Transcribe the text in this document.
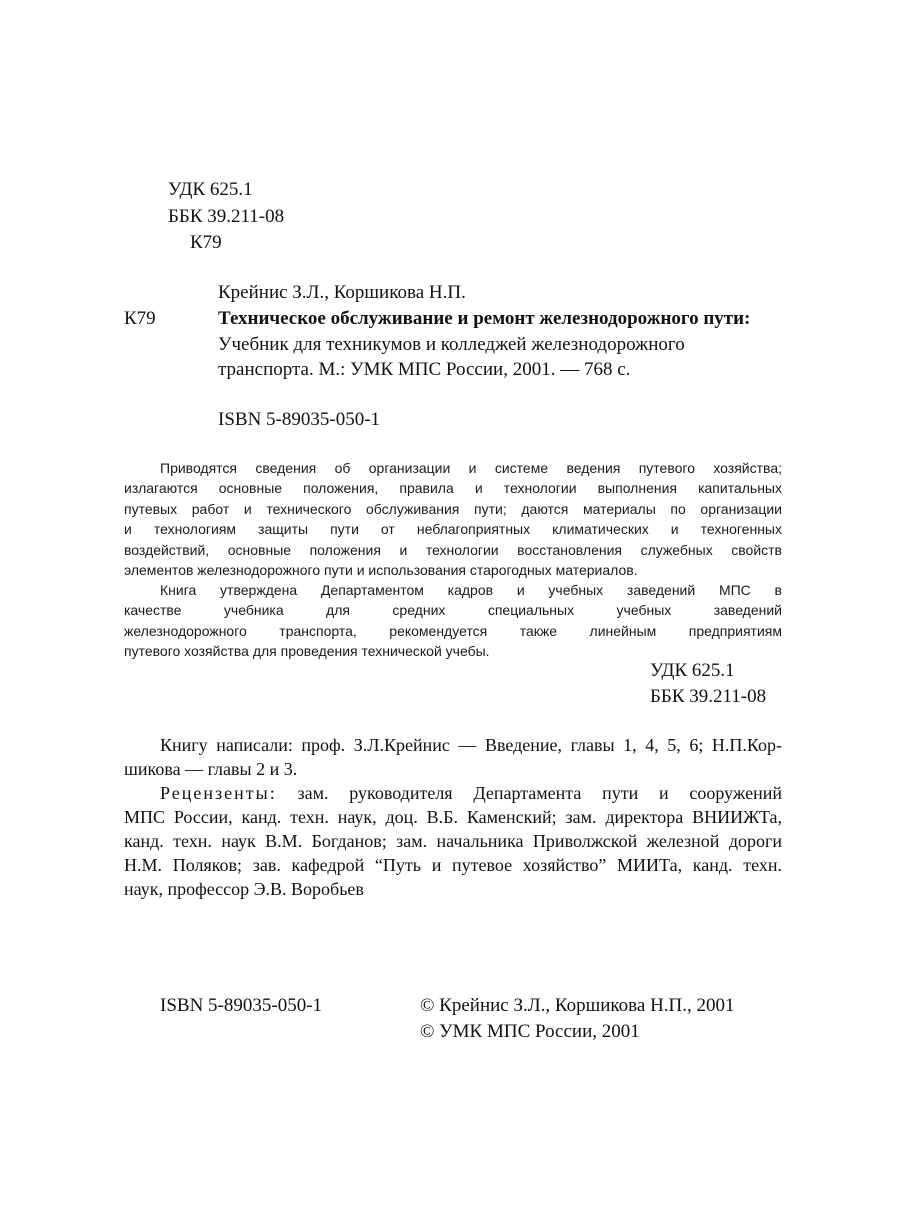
УДК 625.1
ББК 39.211-08
К79
Крейнис З.Л., Коршикова Н.П.
К79	Техническое обслуживание и ремонт железнодорожного пути:
Учебник для техникумов и колледжей железнодорожного
транспорта. М.: УМК МПС России, 2001. — 768 с.
ISBN 5-89035-050-1

Приводятся сведения об организации и системе ведения путевого хозяйства;

излагаются основные положения, правила и технологии выполнения капитальных

путевых работ и технического обслуживания пути; даются материалы по организации

и технологиям защиты пути от неблагоприятных климатических и техногенных

воздействий, основные положения и технологии восстановления служебных свойств

элементов железнодорожного пути и использования старогодных материалов.

Книга утверждена Департаментом кадров и учебных заведений МПС в

качестве учебника для средних специальных учебных заведений

железнодорожного транспорта, рекомендуется также линейным предприятиям

путевого хозяйства для проведения технической учебы.

УДК 625.1
ББК 39.211-08

Книгу написали: проф. З.Л.Крейнис — Введение, главы 1, 4, 5, 6; Н.П.Кор-

шикова — главы 2 и 3.

Рецензенты: зам. руководителя Департамента пути и сооружений

МПС России, канд. техн. наук, доц. В.Б. Каменский; зам. директора ВНИИЖТа,

канд. техн. наук В.М. Богданов; зам. начальника Приволжской железной дороги

Н.М. Поляков; зав. кафедрой “Путь и путевое хозяйство” МИИТа, канд. техн.

наук, профессор Э.В. Воробьев

ISBN 5-89035-050-1	© Крейнис З.Л., Коршикова Н.П., 2001
© УМК МПС России, 2001
